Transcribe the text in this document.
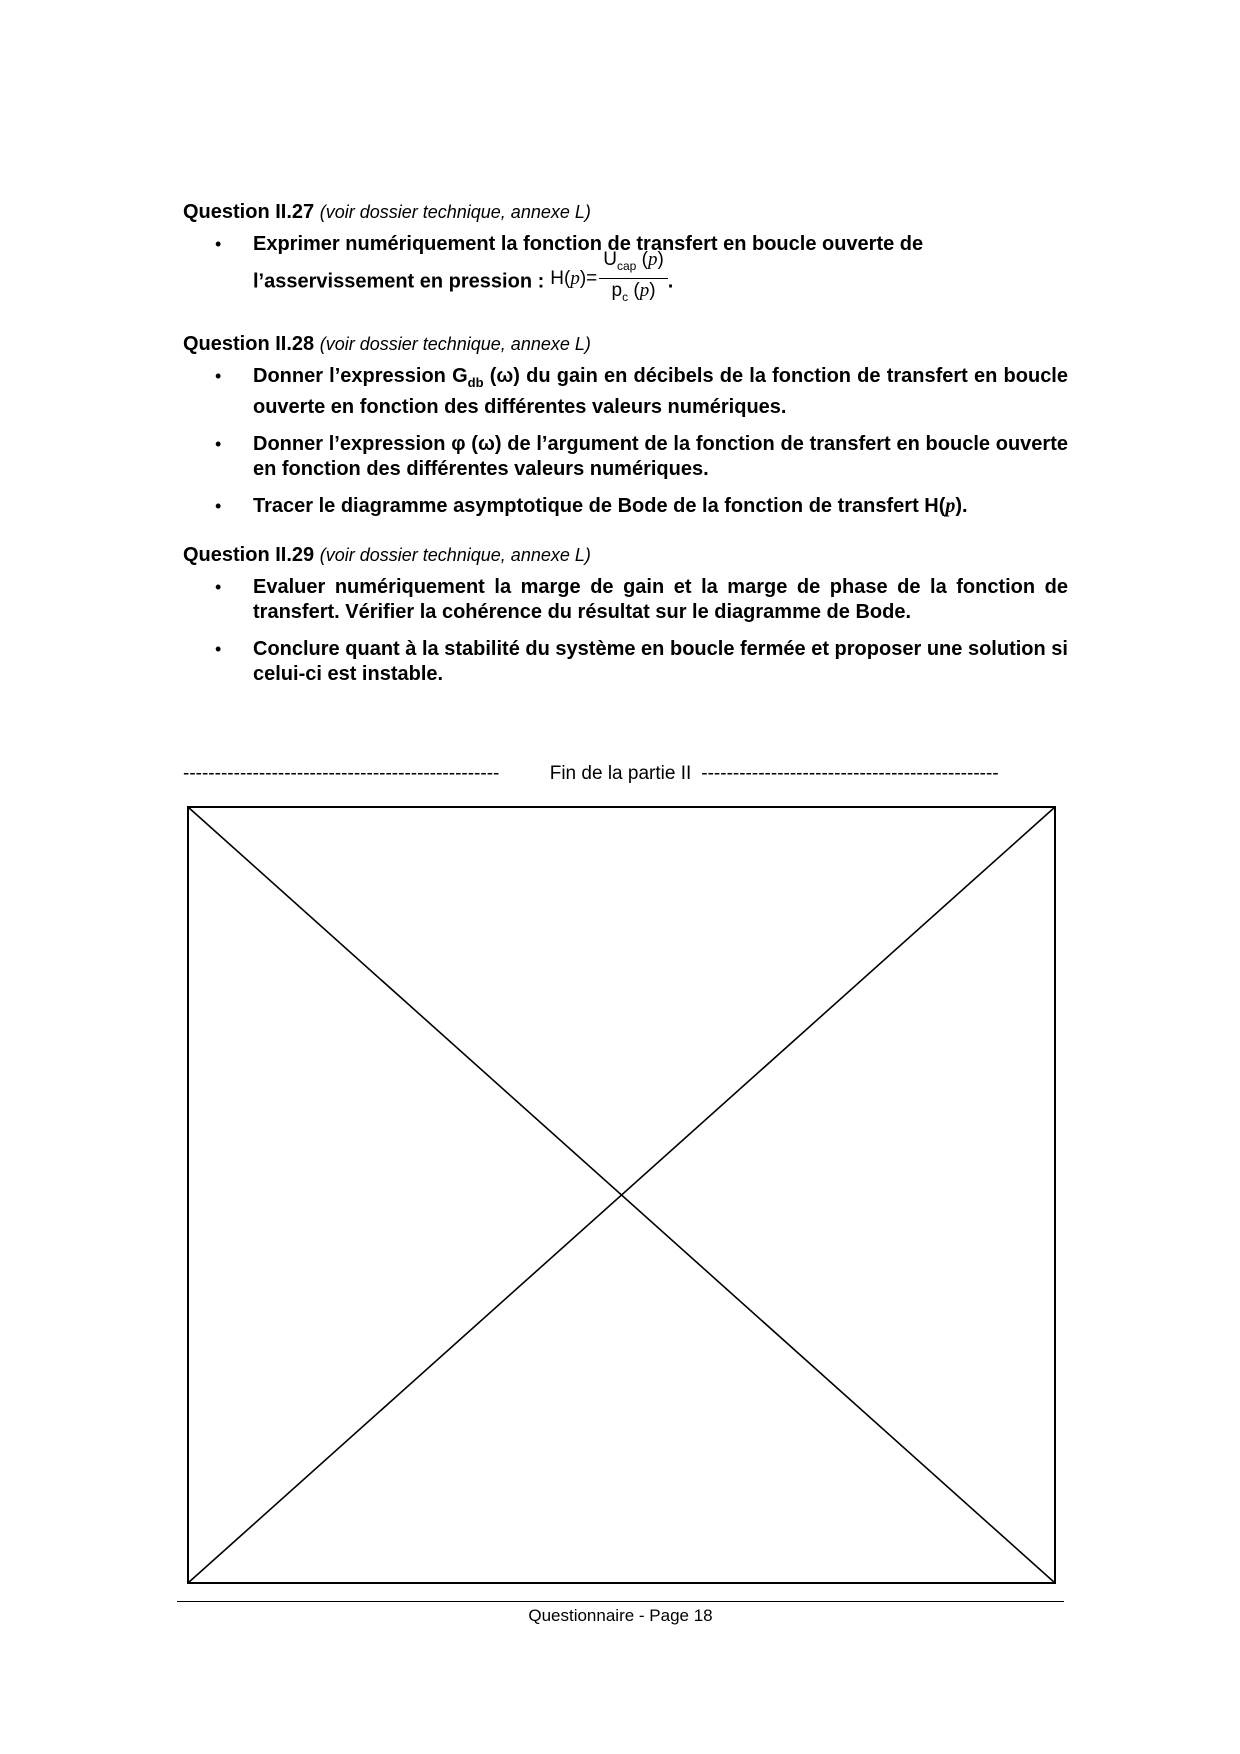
Question II.27 (voir dossier technique, annexe L)
• Exprimer numériquement la fonction de transfert en boucle ouverte de
l’asservissement en pression : $H(p)= \frac{U_{cap} (p)}{p_c (p)}$ .
Question II.28 (voir dossier technique, annexe L)
• Donner l’expression $G_{db}$ (ω) du gain en décibels de la fonction de transfert en boucle ouverte en fonction des différentes valeurs numériques.
• Donner l’expression φ (ω) de l’argument de la fonction de transfert en boucle ouverte en fonction des différentes valeurs numériques.
• Tracer le diagramme asymptotique de Bode de la fonction de transfert H(p).
Question II.29 (voir dossier technique, annexe L)
• Evaluer numériquement la marge de gain et la marge de phase de la fonction de transfert. Vérifier la cohérence du résultat sur le diagramme de Bode.
• Conclure quant à la stabilité du système en boucle fermée et proposer une solution si celui-ci est instable.
--------------------------------------------------	Fin de la partie II -----------------------------------------------
Questionnaire - Page 18
